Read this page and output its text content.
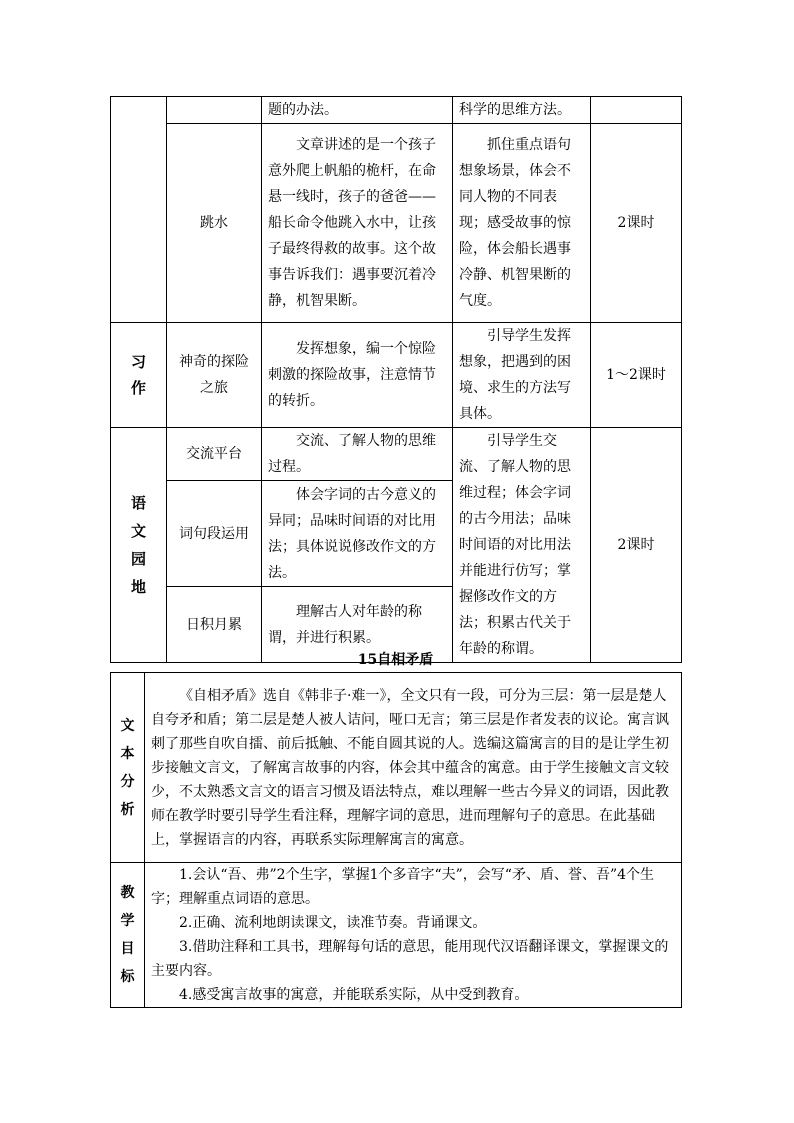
		题的办法。	科学的思维方法。	
	跳水	文章讲述的是一个孩子意外爬上帆船的桅杆，在命悬一线时，孩子的爸爸——船长命令他跳入水中，让孩子最终得救的故事。这个故事告诉我们：遇事要沉着冷静，机智果断。	抓住重点语句想象场景，体会不同人物的不同表现；感受故事的惊险，体会船长遇事冷静、机智果断的气度。	2课时
习作	神奇的探险之旅	发挥想象，编一个惊险刺激的探险故事，注意情节的转折。	引导学生发挥想象，把遇到的困境、求生的方法写具体。	1～2课时
语文园地	交流平台	交流、了解人物的思维过程。	引导学生交流、了解人物的思维过程；体会字词的古今用法；品味时间语的对比用法并能进行仿写；掌握修改作文的方法；积累古代关于年龄的称谓。	2课时
	词句段运用	体会字词的古今意义的异同；品味时间语的对比用法；具体说说修改作文的方法。		
	日积月累	理解古人对年龄的称谓，并进行积累。		
15自相矛盾
文本分析	《自相矛盾》选自《韩非子·难一》，全文只有一段，可分为三层：第一层是楚人自夸矛和盾；第二层是楚人被人诘问，哑口无言；第三层是作者发表的议论。寓言讽刺了那些自吹自擂、前后抵触、不能自圆其说的人。选编这篇寓言的目的是让学生初步接触文言文，了解寓言故事的内容，体会其中蕴含的寓意。由于学生接触文言文较少，不太熟悉文言文的语言习惯及语法特点，难以理解一些古今异义的词语，因此教师在教学时要引导学生看注释，理解字词的意思，进而理解句子的意思。在此基础上，掌握语言的内容，再联系实际理解寓言的寓意。
教学目标	1.会认“吾、弗”2个生字，掌握1个多音字“夫”，会写“矛、盾、誉、吾”4个生字；理解重点词语的意思。

2.正确、流利地朗读课文，读准节奏。背诵课文。

3.借助注释和工具书，理解每句话的意思，能用现代汉语翻译课文，掌握课文的主要内容。

4.感受寓言故事的寓意，并能联系实际，从中受到教育。
